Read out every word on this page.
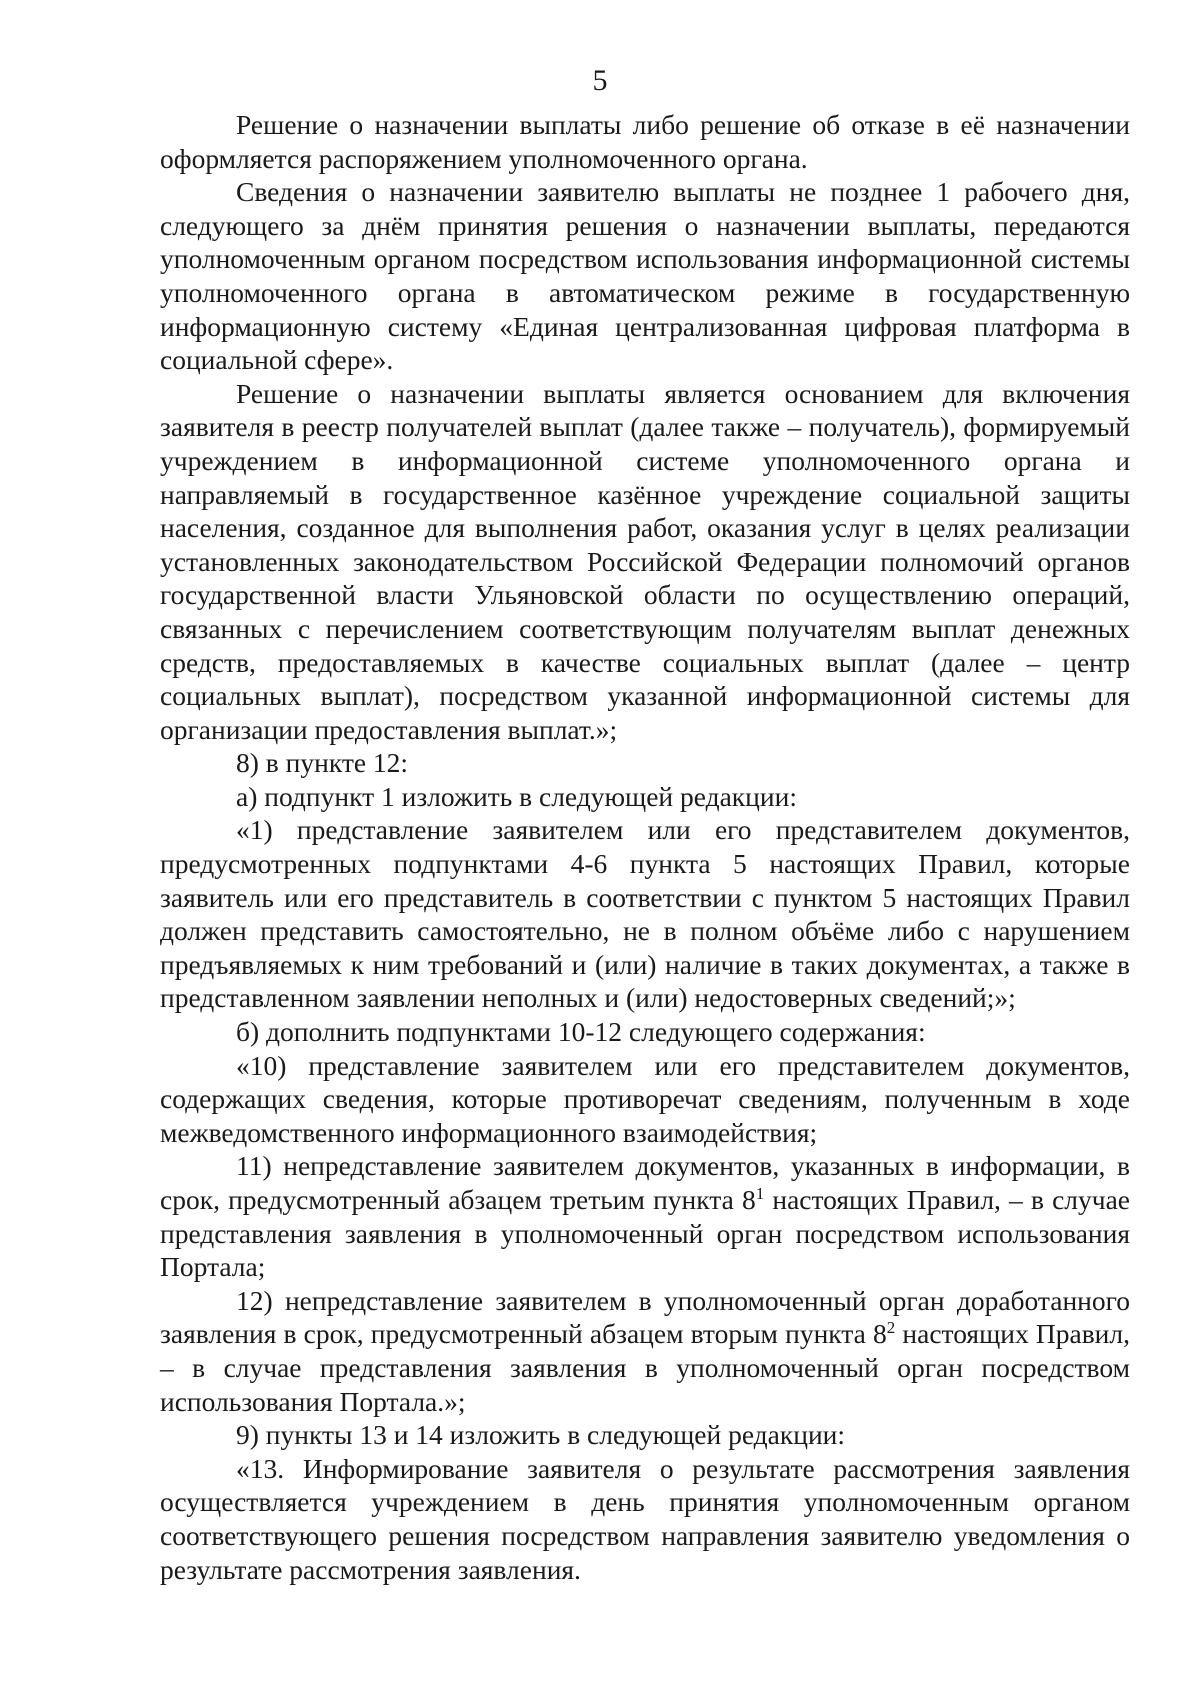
5

Решение о назначении выплаты либо решение об отказе в её назначении оформляется распоряжением уполномоченного органа.

Сведения о назначении заявителю выплаты не позднее 1 рабочего дня, следующего за днём принятия решения о назначении выплаты, передаются уполномоченным органом посредством использования информационной системы уполномоченного органа в автоматическом режиме в государственную информационную систему «Единая централизованная цифровая платформа в социальной сфере».

Решение о назначении выплаты является основанием для включения заявителя в реестр получателей выплат (далее также – получатель), формируемый учреждением в информационной системе уполномоченного органа и направляемый в государственное казённое учреждение социальной защиты населения, созданное для выполнения работ, оказания услуг в целях реализации установленных законодательством Российской Федерации полномочий органов государственной власти Ульяновской области по осуществлению операций, связанных с перечислением соответствующим получателям выплат денежных средств, предоставляемых в качестве социальных выплат (далее – центр социальных выплат), посредством указанной информационной системы для организации предоставления выплат.»;

8) в пункте 12:

а) подпункт 1 изложить в следующей редакции:

«1) представление заявителем или его представителем документов, предусмотренных подпунктами 4-6 пункта 5 настоящих Правил, которые заявитель или его представитель в соответствии с пунктом 5 настоящих Правил должен представить самостоятельно, не в полном объёме либо с нарушением предъявляемых к ним требований и (или) наличие в таких документах, а также в представленном заявлении неполных и (или) недостоверных сведений;»;

б) дополнить подпунктами 10-12 следующего содержания:

«10) представление заявителем или его представителем документов, содержащих сведения, которые противоречат сведениям, полученным в ходе межведомственного информационного взаимодействия;

11) непредставление заявителем документов, указанных в информации, в срок, предусмотренный абзацем третьим пункта $8^1$ настоящих Правил, – в случае представления заявления в уполномоченный орган посредством использования Портала;

12) непредставление заявителем в уполномоченный орган доработанного заявления в срок, предусмотренный абзацем вторым пункта $8^2$ настоящих Правил, – в случае представления заявления в уполномоченный орган посредством использования Портала.»;

9) пункты 13 и 14 изложить в следующей редакции:

«13. Информирование заявителя о результате рассмотрения заявления осуществляется учреждением в день принятия уполномоченным органом соответствующего решения посредством направления заявителю уведомления о результате рассмотрения заявления.
